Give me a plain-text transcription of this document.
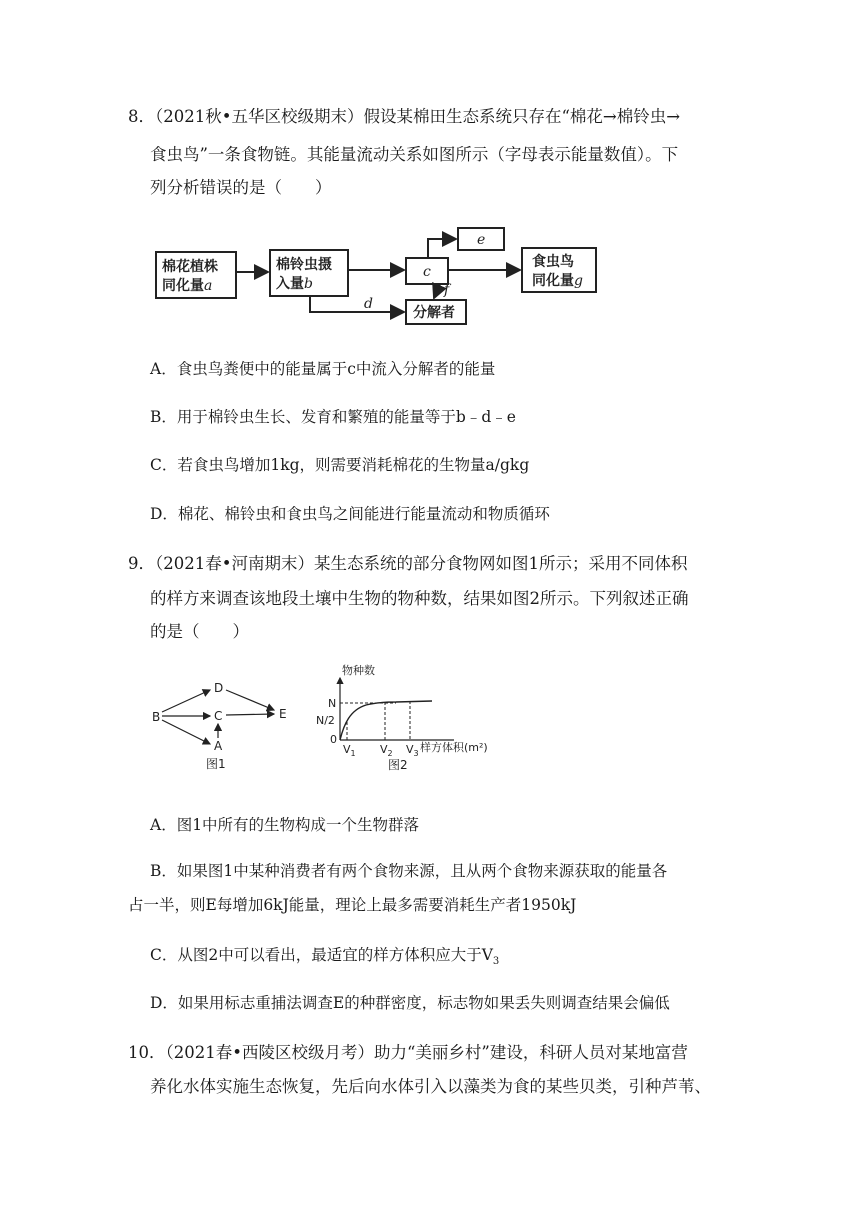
8．（2021秋•五华区校级期末）假设某棉田生态系统只存在“棉花→棉铃虫→
食虫鸟”一条食物链。其能量流动关系如图所示（字母表示能量数值）。下
列分析错误的是（　　）
棉花植株
同化量a
棉铃虫摄
入量b
c
e
食虫鸟
同化量g
f
d
分解者
A．食虫鸟粪便中的能量属于c中流入分解者的能量
B．用于棉铃虫生长、发育和繁殖的能量等于b﹣d﹣e
C．若食虫鸟增加1kg，则需要消耗棉花的生物量a/gkg
D．棉花、棉铃虫和食虫鸟之间能进行能量流动和物质循环
9．（2021春•河南期末）某生态系统的部分食物网如图1所示；采用不同体积
的样方来调查该地段土壤中生物的物种数，结果如图2所示。下列叙述正确
的是（　　）
B
D
C
A
E
图1
物种数
N
N/2
0
$V_1$ $V_2$ $V_3$ 样方体积(m²)
图2
A．图1中所有的生物构成一个生物群落
B．如果图1中某种消费者有两个食物来源，且从两个食物来源获取的能量各
占一半，则E每增加6kJ能量，理论上最多需要消耗生产者1950kJ
C．从图2中可以看出，最适宜的样方体积应大于$V_3$
D．如果用标志重捕法调查E的种群密度，标志物如果丢失则调查结果会偏低
10．（2021春•西陵区校级月考）助力“美丽乡村”建设，科研人员对某地富营
养化水体实施生态恢复，先后向水体引入以藻类为食的某些贝类，引种芦苇、
